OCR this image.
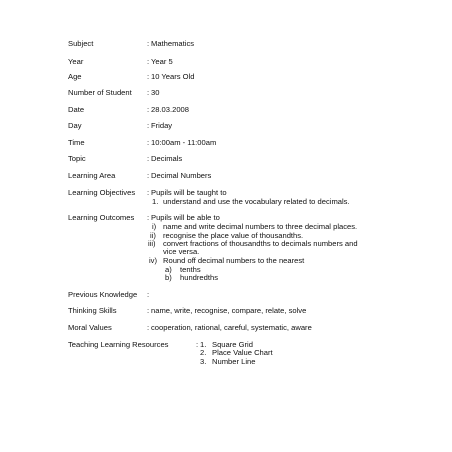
Subject	: Mathematics
Year	: Year 5
Age	: 10 Years Old
Number of Student : 30
Date	: 28.03.2008
Day	: Friday
Time	: 10:00am - 11:00am
Topic	: Decimals
Learning Area	: Decimal Numbers
Learning Objectives : Pupils will be taught to
1. understand and use the vocabulary related to decimals.
Learning Outcomes : Pupils will be able to
i) name and write decimal numbers to three decimal places.
ii) recognise the place value of thousandths.
iii) convert fractions of thousandths to decimals numbers and
vice versa.
iv) Round off decimal numbers to the nearest
a) tenths
b) hundredths
Previous Knowledge :
Thinking Skills	: name, write, recognise, compare, relate, solve
Moral Values	: cooperation, rational, careful, systematic, aware
Teaching Learning Resources	: 1. Square Grid
2. Place Value Chart
3. Number Line
